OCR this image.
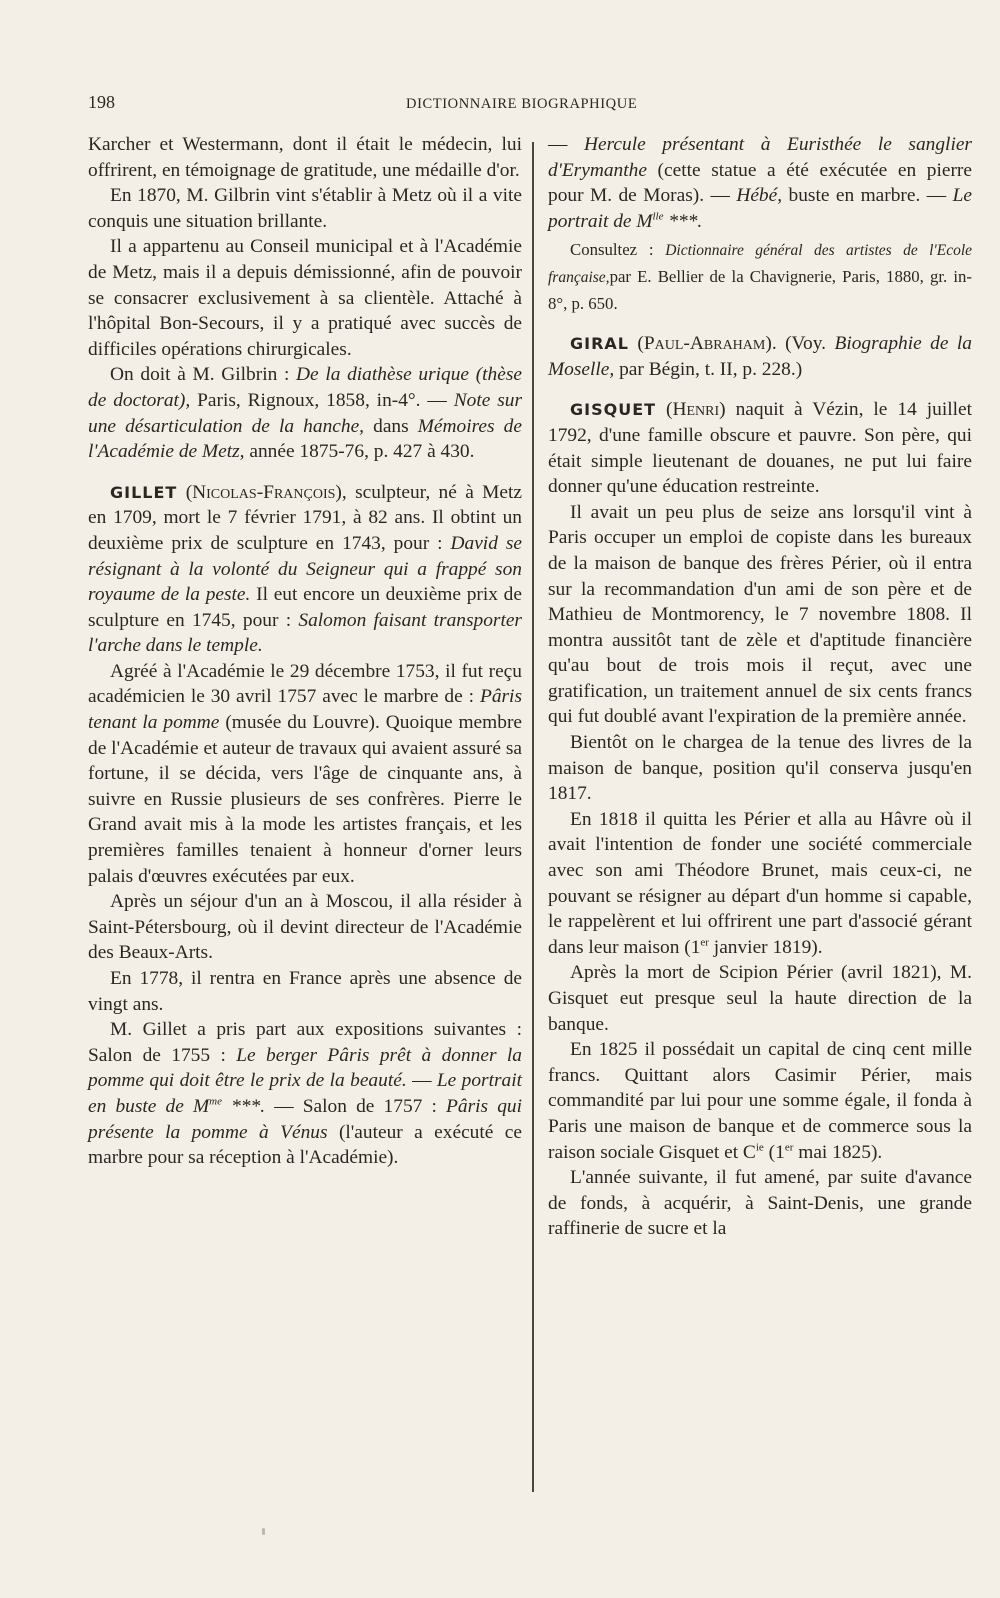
198	DICTIONNAIRE BIOGRAPHIQUE

Karcher et Westermann, dont il était le médecin, lui offrirent, en témoignage de gratitude, une médaille d'or.

En 1870, M. Gilbrin vint s'établir à Metz où il a vite conquis une situation brillante.

Il a appartenu au Conseil municipal et à l'Académie de Metz, mais il a depuis démissionné, afin de pouvoir se consacrer exclusivement à sa clientèle. Attaché à l'hôpital Bon-Secours, il y a pratiqué avec succès de difficiles opérations chirurgicales.

On doit à M. Gilbrin : De la diathèse urique (thèse de doctorat), Paris, Rignoux, 1858, in-4°. — Note sur une désarticulation de la hanche, dans Mémoires de l'Académie de Metz, année 1875-76, p. 427 à 430.

GILLET (Nicolas-François), sculpteur, né à Metz en 1709, mort le 7 février 1791, à 82 ans. Il obtint un deuxième prix de sculpture en 1743, pour : David se résignant à la volonté du Seigneur qui a frappé son royaume de la peste. Il eut encore un deuxième prix de sculpture en 1745, pour : Salomon faisant transporter l'arche dans le temple.

Agréé à l'Académie le 29 décembre 1753, il fut reçu académicien le 30 avril 1757 avec le marbre de : Pâris tenant la pomme (musée du Louvre). Quoique membre de l'Académie et auteur de travaux qui avaient assuré sa fortune, il se décida, vers l'âge de cinquante ans, à suivre en Russie plusieurs de ses confrères. Pierre le Grand avait mis à la mode les artistes français, et les premières familles tenaient à honneur d'orner leurs palais d'œuvres exécutées par eux.

Après un séjour d'un an à Moscou, il alla résider à Saint-Pétersbourg, où il devint directeur de l'Académie des Beaux-Arts.

En 1778, il rentra en France après une absence de vingt ans.

M. Gillet a pris part aux expositions suivantes : Salon de 1755 : Le berger Pâris prêt à donner la pomme qui doit être le prix de la beauté. — Le portrait en buste de $M^{me}$ ***. — Salon de 1757 : Pâris qui présente la pomme à Vénus (l'auteur a exécuté ce marbre pour sa réception à l'Académie).

— Hercule présentant à Euristhée le sanglier d'Erymanthe (cette statue a été exécutée en pierre pour M. de Moras). — Hébé, buste en marbre. — Le portrait de $M^{lle}$ ***.

Consultez : Dictionnaire général des artistes de l'Ecole française,par E. Bellier de la Chavignerie, Paris, 1880, gr. in-8°, p. 650.

GIRAL (Paul-Abraham). (Voy. Biographie de la Moselle, par Bégin, t. II, p. 228.)

GISQUET (Henri) naquit à Vézin, le 14 juillet 1792, d'une famille obscure et pauvre. Son père, qui était simple lieutenant de douanes, ne put lui faire donner qu'une éducation restreinte.

Il avait un peu plus de seize ans lorsqu'il vint à Paris occuper un emploi de copiste dans les bureaux de la maison de banque des frères Périer, où il entra sur la recommandation d'un ami de son père et de Mathieu de Montmorency, le 7 novembre 1808. Il montra aussitôt tant de zèle et d'aptitude financière qu'au bout de trois mois il reçut, avec une gratification, un traitement annuel de six cents francs qui fut doublé avant l'expiration de la première année.

Bientôt on le chargea de la tenue des livres de la maison de banque, position qu'il conserva jusqu'en 1817.

En 1818 il quitta les Périer et alla au Hâvre où il avait l'intention de fonder une société commerciale avec son ami Théodore Brunet, mais ceux-ci, ne pouvant se résigner au départ d'un homme si capable, le rappelèrent et lui offrirent une part d'associé gérant dans leur maison (1er janvier 1819).

Après la mort de Scipion Périer (avril 1821), M. Gisquet eut presque seul la haute direction de la banque.

En 1825 il possédait un capital de cinq cent mille francs. Quittant alors Casimir Périer, mais commandité par lui pour une somme égale, il fonda à Paris une maison de banque et de commerce sous la raison sociale Gisquet et $C^{ie}$ (1er mai 1825).

L'année suivante, il fut amené, par suite d'avance de fonds, à acquérir, à Saint-Denis, une grande raffinerie de sucre et la
